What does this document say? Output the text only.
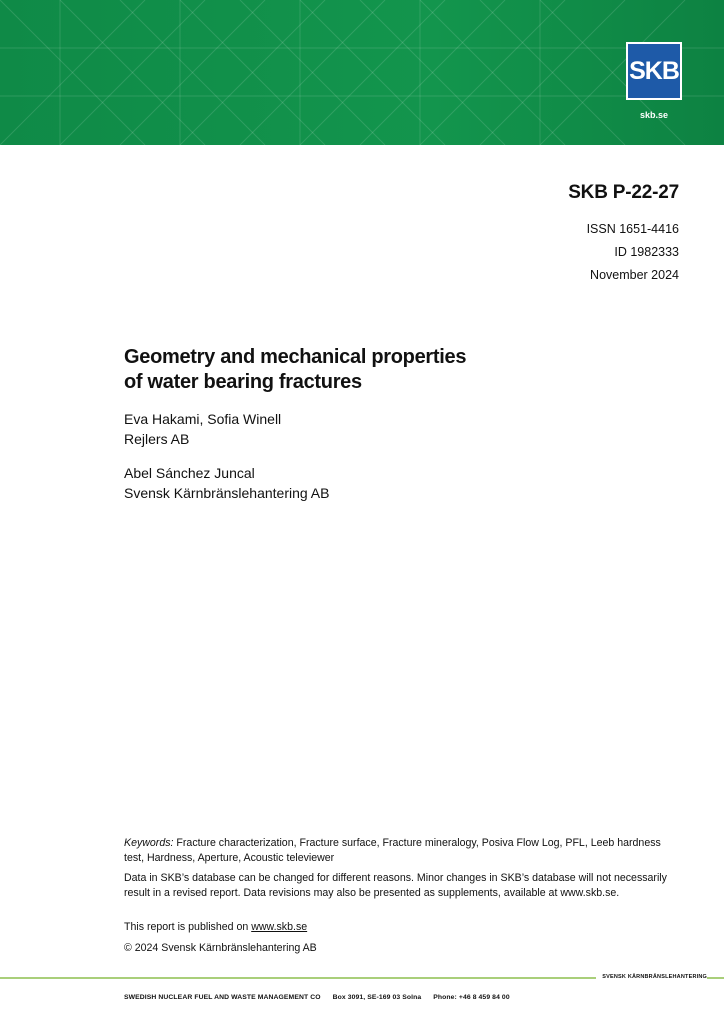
SKB
skb.se
SKB P-22-27
ISSN 1651-4416
ID 1982333
November 2024
Geometry and mechanical properties
of water bearing fractures
Eva Hakami, Sofia Winell
Rejlers AB
Abel Sánchez Juncal
Svensk Kärnbränslehantering AB
Keywords: Fracture characterization, Fracture surface, Fracture mineralogy, Posiva Flow Log, PFL, Leeb hardness test, Hardness, Aperture, Acoustic televiewer
Data in SKB’s database can be changed for different reasons. Minor changes in SKB’s database will not necessarily result in a revised report. Data revisions may also be presented as supplements, available at www.skb.se.
This report is published on www.skb.se
© 2024 Svensk Kärnbränslehantering AB
SVENSK KÄRNBRÄNSLEHANTERING
SWEDISH NUCLEAR FUEL AND WASTE MANAGEMENT CO Box 3091, SE-169 03 Solna Phone: +46 8 459 84 00
